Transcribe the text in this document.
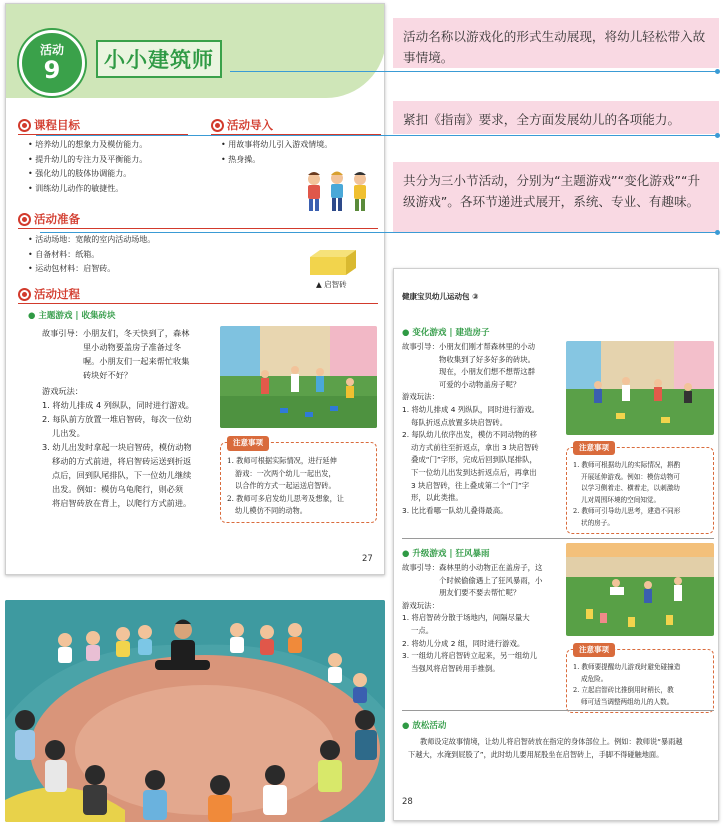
活动
9	小小建筑师
课程目标
• 培养幼儿的想象力及模仿能力。
• 提升幼儿的专注力及平衡能力。
• 强化幼儿的肢体协调能力。
• 训练幼儿动作的敏捷性。
活动导入
• 用故事将幼儿引入游戏情境。
• 热身操。
活动准备
• 活动场地：宽敞的室内活动场地。
• 自备材料：纸箱。
• 运动包材料：启智砖。
▲ 启智砖
活动过程
● 主题游戏 | 收集砖块
故事引导： 小朋友们，冬天快到了，森林

里小动物要盖房子准备过冬

喔。小朋友们一起来帮忙收集

砖块好不好？

游戏玩法：

1. 将幼儿排成 4 列纵队，同时进行游戏。

2. 每队前方放置一堆启智砖，每次一位幼

儿出发。

3. 幼儿出发时拿起一块启智砖，模仿动物

移动的方式前进，将启智砖运送到折返

点后，回到队尾排队，下一位幼儿继续

出发。例如：模仿乌龟爬行，则必须

将启智砖放在背上，以爬行方式前进。

注意事项

1. 教师可根据实际情况，进行延伸

游戏：一次两个幼儿一起出发，

以合作的方式一起运送启智砖。

2. 教师可多启发幼儿思考及想象，让

幼儿模仿不同的动物。

27
活动名称以游戏化的形式生动展现，将幼儿轻松带入故事情境。
紧扣《指南》要求，全方面发展幼儿的各项能力。
共分为三小节活动，分别为“主题游戏”“变化游戏”“升级游戏”。各环节递进式展开，系统、专业、有趣味。
健康宝贝幼儿运动包 ③
● 变化游戏 | 建造房子
故事引导： 小朋友们刚才帮森林里的小动

物收集到了好多好多的砖块。

现在，小朋友们想不想帮这群

可爱的小动物盖房子呢？

游戏玩法：

1. 将幼儿排成 4 列纵队，同时进行游戏。

每队折返点放置多块启智砖。

2. 每队幼儿依序出发，模仿不同动物的移

动方式前往至折返点，拿出 3 块启智砖

叠成“门”字形，完成后回到队尾排队，

下一位幼儿出发到达折返点后，再拿出

3 块启智砖，往上叠成第二个“门”字

形，以此类推。

3. 比比看哪一队幼儿叠得最高。

注意事项

1. 教师可根据幼儿的实际情况，斟酌

开展延伸游戏。例如：模仿动物可

以学习侧着走、横着走，以刺激幼

儿对周围环境的空间知觉。

2. 教师可引导幼儿思考，建造不同形

状的房子。

● 升级游戏 | 狂风暴雨
故事引导： 森林里的小动物正在盖房子，这

个时候偷偷遇上了狂风暴雨，小

朋友们要不要去帮忙呢？

游戏玩法：

1. 将启智砖分散于场地内，间隔尽量大

一点。

2. 将幼儿分成 2 组，同时进行游戏。

3. 一组幼儿将启智砖立起来，另一组幼儿

当强风将启智砖用手推倒。

注意事项

1. 教师要提醒幼儿游戏时避免碰撞造

成危险。

2. 立起启智砖比推倒用时稍长，教

师可适当调整两组幼儿的人数。

● 放松活动

教师设定故事情境，让幼儿将启智砖放在指定的身体部位上。例如：教师说“暴雨越

下越大，水淹到屁股了”，此时幼儿要用屁股坐在启智砖上，手脚不得碰触地面。

28
